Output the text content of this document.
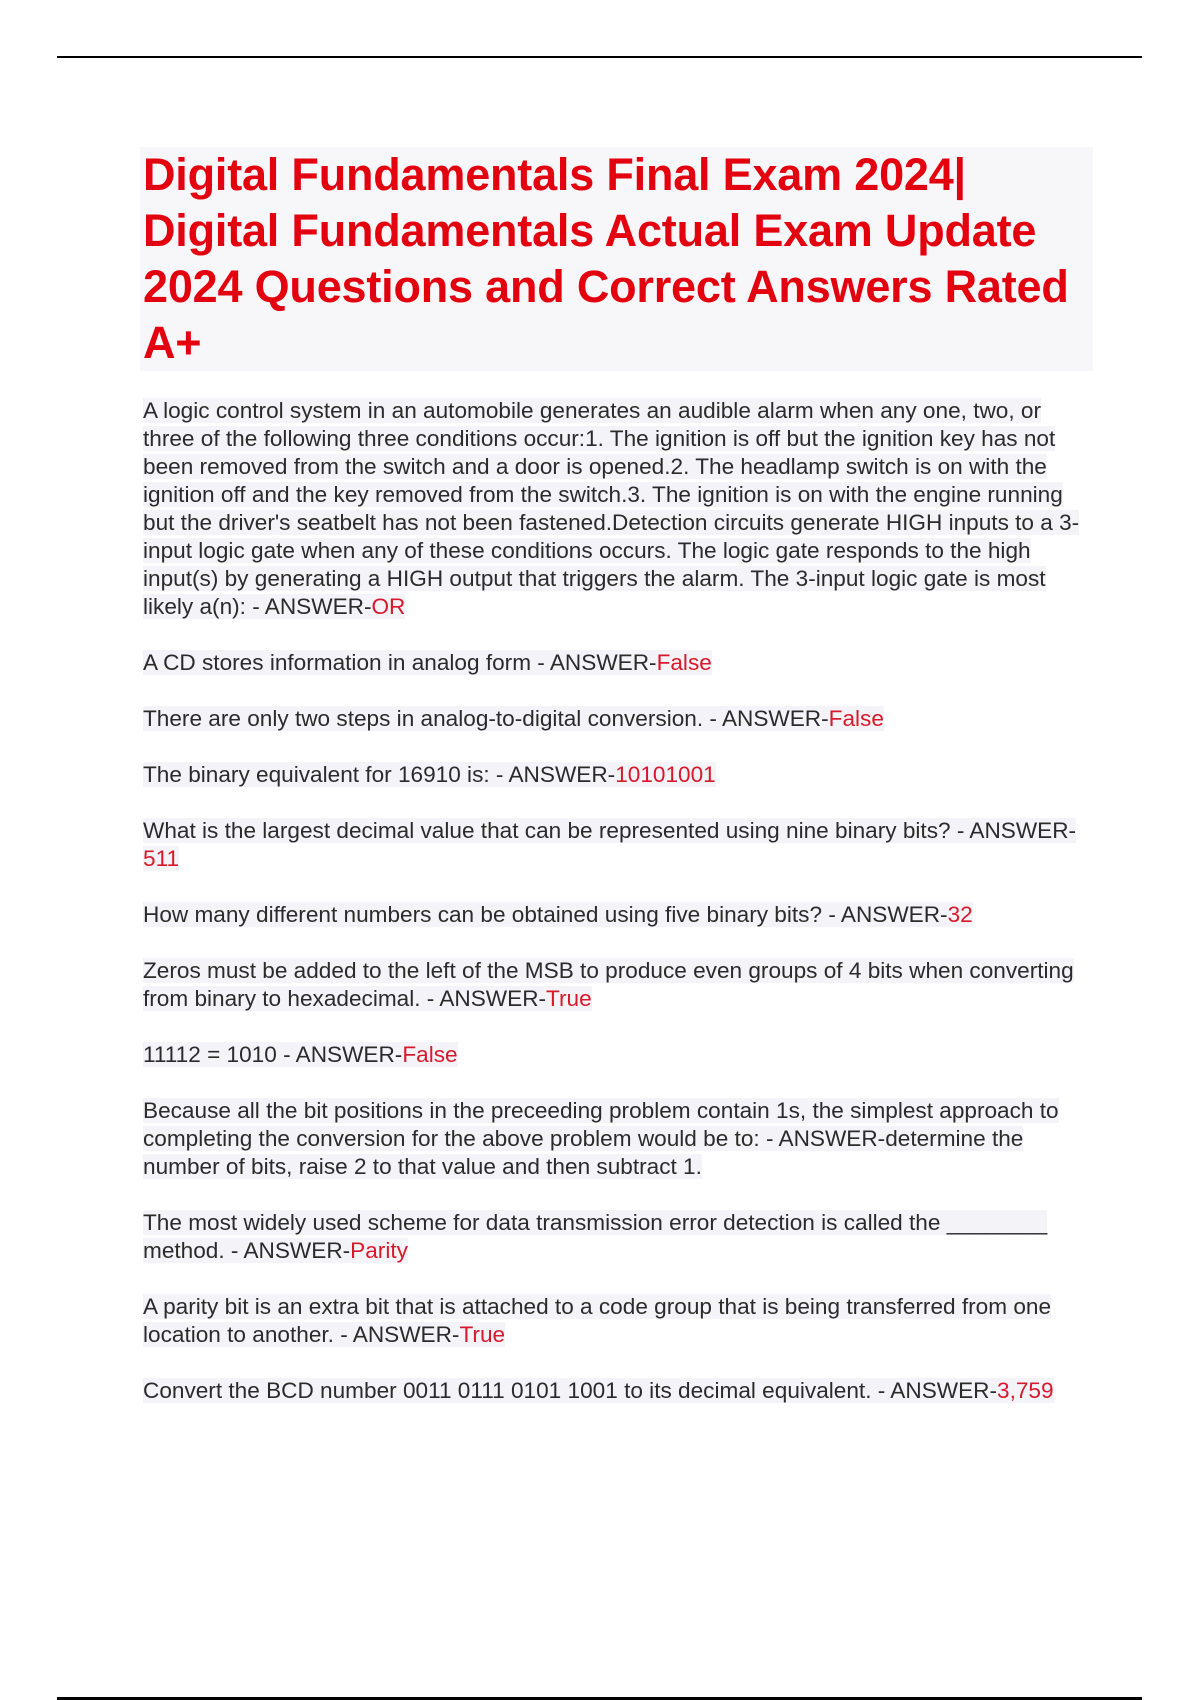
Digital Fundamentals Final Exam 2024| Digital Fundamentals Actual Exam Update 2024 Questions and Correct Answers Rated A+

A logic control system in an automobile generates an audible alarm when any one, two, or three of the following three conditions occur:1. The ignition is off but the ignition key has not been removed from the switch and a door is opened.2. The headlamp switch is on with the ignition off and the key removed from the switch.3. The ignition is on with the engine running but the driver's seatbelt has not been fastened.Detection circuits generate HIGH inputs to a 3-input logic gate when any of these conditions occurs. The logic gate responds to the high input(s) by generating a HIGH output that triggers the alarm. The 3-input logic gate is most likely a(n): - ANSWER-OR

A CD stores information in analog form - ANSWER-False

There are only two steps in analog-to-digital conversion. - ANSWER-False

The binary equivalent for 16910 is: - ANSWER-10101001

What is the largest decimal value that can be represented using nine binary bits? - ANSWER-511

How many different numbers can be obtained using five binary bits? - ANSWER-32

Zeros must be added to the left of the MSB to produce even groups of 4 bits when converting from binary to hexadecimal. - ANSWER-True

11112 = 1010 - ANSWER-False

Because all the bit positions in the preceeding problem contain 1s, the simplest approach to completing the conversion for the above problem would be to: - ANSWER-determine the number of bits, raise 2 to that value and then subtract 1.

The most widely used scheme for data transmission error detection is called the ________ method. - ANSWER-Parity

A parity bit is an extra bit that is attached to a code group that is being transferred from one location to another. - ANSWER-True

Convert the BCD number 0011 0111 0101 1001 to its decimal equivalent. - ANSWER-3,759
